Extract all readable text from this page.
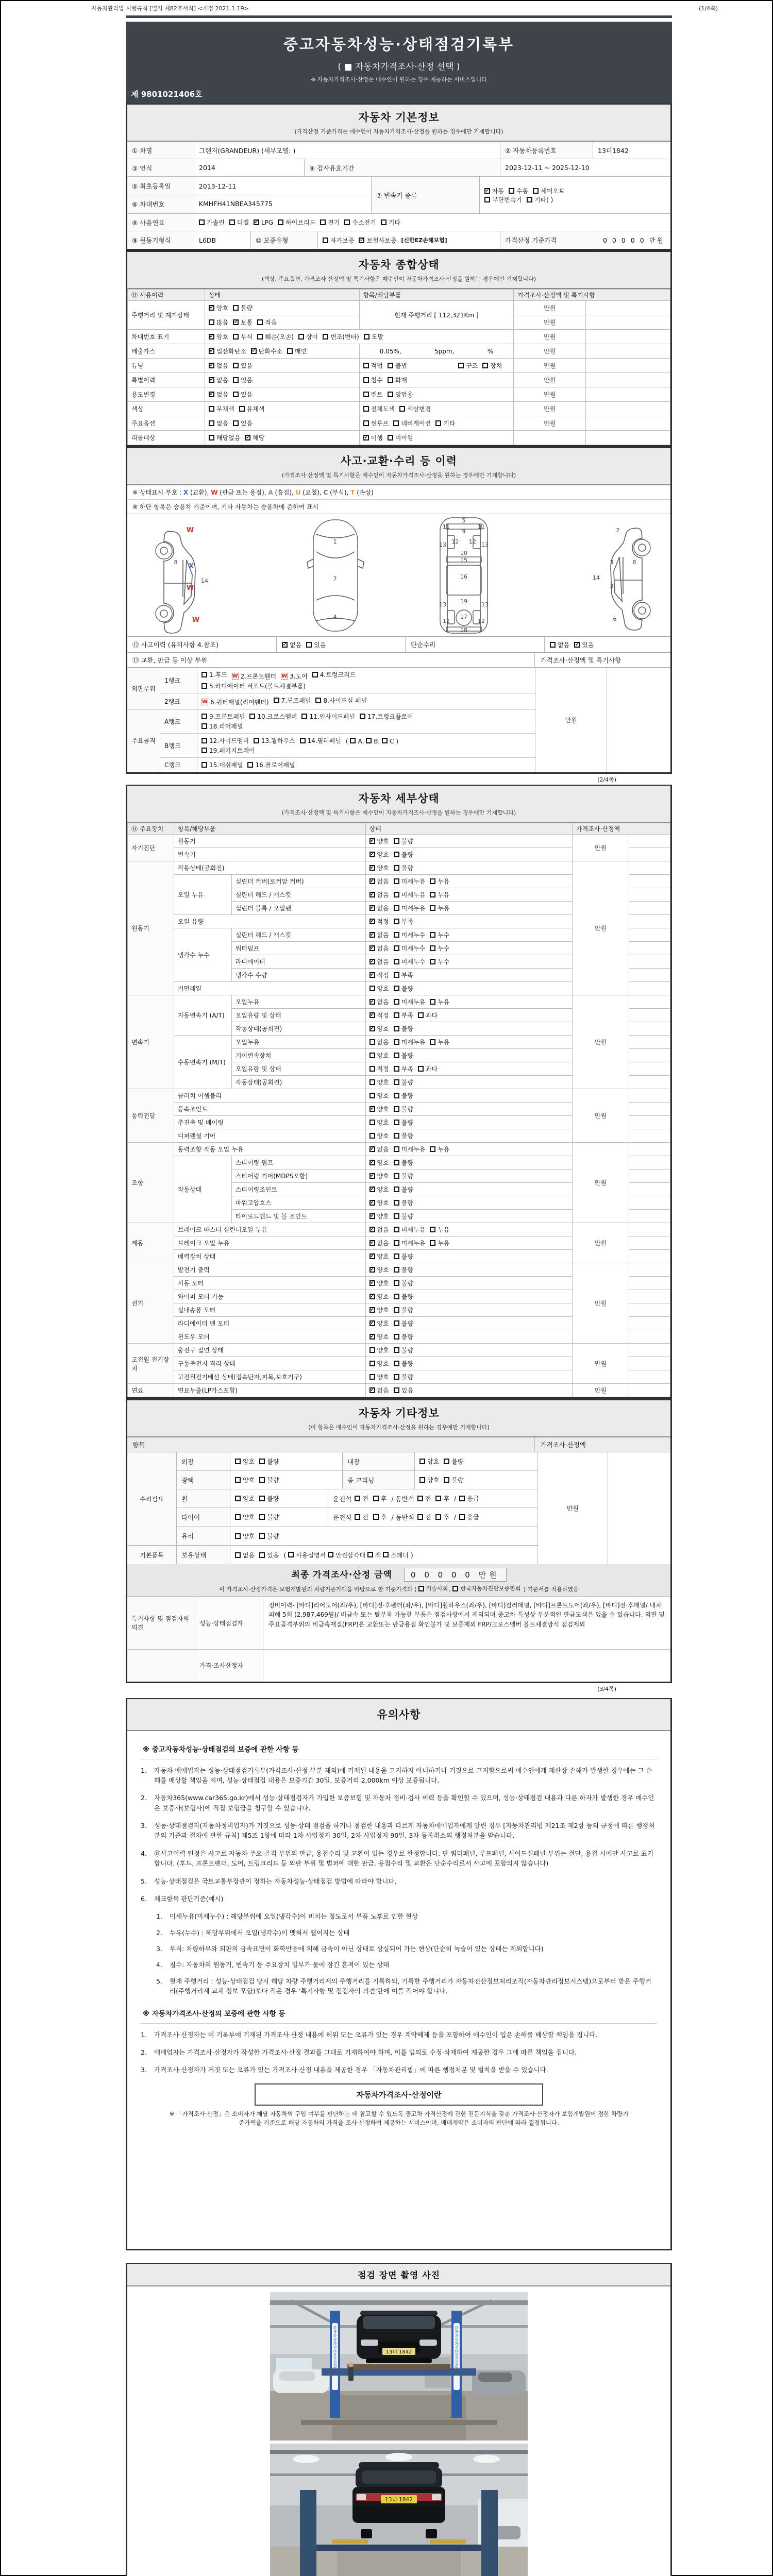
자동차관리법 시행규칙 [별지 제82호서식] <개정 2021.1.19>	(1/4쪽)
중고자동차성능·상태점검기록부
( ■ 자동차가격조사·산정 선택 )
※ 자동차가격조사·산정은 매수인이 원하는 경우 제공하는 서비스입니다
제 9801021406호
자동차 기본정보
(가격산정 기준가격은 매수인이 자동차가격조사·산정을 원하는 경우에만 기재합니다)
① 차명	그랜저(GRANDEUR) (세부모델: )	② 자동차등록번호	13더1842
③ 연식	2014	④ 검사유효기간	2023-12-11 ~ 2025-12-10
⑤ 최초등록일	2013-12-11
⑥ 차대번호	KMHFH41NBEA345775
⑦ 변속기 종류
✓
자동 수동 세미오토
무단변속기 기타( )
⑧ 사용연료	가솔린 디젤 ✓ LPG 하이브리드 전기 수소전기 기타
⑨ 원동기형식	L6DB	⑩ 보증유형	자가보증 ✓ 보험사보증 [신한EZ손해보험]	가격산정 기준가격	0 0 0 0 0 만원
자동차 종합상태
(색상, 주요옵션, 가격조사·산정액 및 특기사항은 매수인이 자동차가격조사·산정을 원하는 경우에만 기재합니다)
⑪ 사용이력	상태	항목/해당부품	가격조사·산정액 및 특기사항	
주행거리 및 계기상태	
✓
양호 불량	현재 주행거리 [ 112,321Km ]	만원	

	많음 ✓ 보통 적음		만원	
차대번호 표기	
✓양호 부식 훼손(오손) 상이 변조(변타) 도말	만원	
배출가스	
✓일산화탄소 ✓ 탄화수소 매연	0.05%, 5ppm, %	만원	
튜닝	
✓없음 있음	적법 불법 구조 장치	만원	
특별이력	
✓없음 있음	침수 화재	만원	
용도변경	
✓없음 있음	렌트 영업용	만원	
색상	무채색 유채색	전체도색 색상변경	만원	
주요옵션	없음 있음	썬루프 네비게이션 기타	만원	
리콜대상	해당없음 ✓ 해당

✓이행 미이행

사고·교환·수리 등 이력
(가격조사·산정액 및 특기사항은 매수인이 자동차가격조사·산정을 원하는 경우에만 기재합니다)
※ 상태표시 부호 : X (교환), W (판금 또는 용접), A (흠집), U (요철), C (부식), T (손상)
※ 하단 항목은 승용차 기준이며, 기타 자동차는 승용차에 준하여 표시
W
8
X
14
W
W
1
7
4
5
9
11	11
13	13
12 12
10
15
16
19
13	13
17
12	12
18
2
3	8
14
3
6
⑫ 사고이력 (유의사항 4.참조) ✓	없음 있음	단순수리	없음 ✓ 있음
⑬ 교환, 판금 등 이상 부위	가격조사·산정액 및 특기사항
외판부위
1랭크
1.후드 W 2.프론트휀더 W 3.도어 4.트렁크리드
5.라디에이터 서포트(볼트체결부품)
2랭크	W 6.쿼터패널(리어휀더) 7.루프패널 8.사이드실 패널
주요골격
A랭크
9.프론트패널 10.크로스멤버 11.인사이드패널 17.트렁크플로어
18.리어패널
B랭크
12.사이드멤버 13.휠하우스 14.필러패널 ( A, B, C )
19.패키지트레이
C랭크	15.대쉬패널 16.플로어패널
만원
(2/4쪽)
자동차 세부상태
(가격조사·산정액 및 특기사항은 매수인이 자동차가격조사·산정을 원하는 경우에만 기재합니다)
⑭ 주요장치	항목/해당부품		상태	가격조사·산정액	
자기진단	원동기	
✓양호 불량	만원	
	변속기	
✓양호 불량

원동기	작동상태(공회전)	
✓양호 불량	만원	
	오일 누유	실린더 커버(로커암 커버)	
✓없음 미세누유 누유

		실린더 헤드 / 개스킷	
✓없음 미세누유 누유

		실린더 블록 / 오일팬	
✓없음 미세누유 누유

	오일 유량	
✓적정 부족

	냉각수 누수	실린더 헤드 / 개스킷	
✓없음 미세누수 누수

		워터펌프	
✓없음 미세누수 누수

		라디에이터	
✓없음 미세누수 누수

		냉각수 수량	
✓적정 부족

	커먼레일		양호 불량		

변속기	자동변속기 (A/T)	오일누유	
✓없음 미세누유 누유	만원	
		오일유량 및 상태	
✓적정 부족 과다

		작동상태(공회전)	
✓양호 불량

	수동변속기 (M/T)	오일누유	없음 미세누유 누유		

		기어변속장치	양호 불량		

		오일유량 및 상태	적정 부족 과다		

		작동상태(공회전)	양호 불량		

동력전달	클러치 어셈블리		양호 불량	만원	
	등속조인트	
✓양호 불량

	추진축 및 베어링		양호 불량		

	디퍼렌셜 기어		양호 불량		

조향	동력조향 작동 오일 누유	
✓없음 미세누유 누유	만원	
	작동상태	스티어링 펌프	
✓양호 불량

		스티어링 기어(MDPS포함)	
✓양호 불량

		스티어링조인트	
✓양호 불량

		파워고압호스	
✓양호 불량

		타이로드엔드 및 볼 조인트	
✓양호 불량

제동	브레이크 마스터 실린더오일 누유	
✓없음 미세누유 누유	만원	
	브레이크 오일 누유	
✓없음 미세누유 누유

	배력장치 상태	
✓양호 불량

전기	발전기 출력	
✓양호 불량	만원	
	시동 모터	
✓양호 불량

	와이퍼 모터 기능	
✓양호 불량

	실내송풍 모터	
✓양호 불량

	라디에이터 팬 모터	
✓양호 불량

	윈도우 모터	
✓양호 불량

고전원 전기장치	충전구 절연 상태		양호 불량	만원	
	구동축전지 격리 상태		양호 불량		

	고전원전기배선 상태(접속단자,피복,보호기구)		양호 불량		

연료	연료누출(LP가스포함)	
✓없음 있음	만원	
자동차 기타정보
(이 항목은 매수인이 자동차가격조사·산정을 원하는 경우에만 기재합니다)
항목	가격조사·산정액
수리필요
외장	양호 불량	내장	양호 불량
광택	양호 불량	룸 크리닝	양호 불량
휠	양호 불량	운전석 전 후 / 동반석 전 후 / 응급
타이어	양호 불량	운전석 전 후 / 동반석 전 후 / 응급
유리	양호 불량
기본품목	보유상태	없음 있음 ( 사용설명서 안전삼각대 잭 스패너 )
만원
최종 가격조사·산정 금액 0 0 0 0 0 만원
이 가격조사·산정가격은 보험개발원의 차량기준가액을 바탕으로 한 기준가격과 ( 기술사회 , 한국자동차진단보증협회 ) 기준서를 적용하였음
특기사항 및 점검자의 의견
성능·상태점검자
정비이력- [바디]리어도어(좌/우), [바디]전·후펜더(좌/우), [바디]휠하우스(좌/우), [바디]필러패널, [바디]프론트도어(좌/우), [바디]전·후패널/ 내차피해 5회 (2,987,469원)/ 비금속 또는 탈부착 가능한 부품은 점검사항에서 제외되며 중고차 특성상 부분적인 판금도색은 있을 수 있습니다. 외판 및 주요골격부위의 비금속재질(FRP)은 교환또는 판금용접 확인불가 및 보증제외 FRP/크로스멤버 볼트체결방식 점검제외
가격·조사산정자
(3/4쪽)
유의사항
※ 중고자동차성능·상태점검의 보증에 관한 사항 등
1.	자동차 매매업자는 성능·상태점검기록부(가격조사·산정 부분 제외)에 기재된 내용을 고지하지 아니하거나 거짓으로 고지함으로써 매수인에게 재산상 손해가 발생한 경우에는 그 손해를 배상할 책임을 지며, 성능·상태점검 내용은 보증기간 30일, 보증거리 2,000km 이상 보증됩니다.
2.	자동차365(www.car365.go.kr)에서 성능·상태점검자가 가입한 보증보험 및 자동차 정비·검사 이력 등을 확인할 수 있으며, 성능·상태점검 내용과 다른 하자가 발생한 경우 매수인은 보증사(보험사)에 직접 보험금을 청구할 수 있습니다.
3.	성능·상태점검자(자동차정비업자)가 거짓으로 성능·상태 점검을 하거나 점검한 내용과 다르게 자동차매매업자에게 알린 경우 [자동차관리법 제21조 제2항 등의 규정에 따른 행정처분의 기준과 절차에 관한 규칙] 제5조 1항에 따라 1차 사업정지 30일, 2차 사업정지 90일, 3차 등록취소의 행정처분을 받습니다.
4.	⑫사고이력 인정은 사고로 자동차 주요 골격 부위의 판금, 용접수리 및 교환이 있는 경우로 한정합니다. 단 쿼터패널, 루프패널, 사이드실패널 부위는 절단, 용접 시에만 사고로 표기합니다. (후드, 프론트펜더, 도어, 트렁크리드 등 외판 부위 및 범퍼에 대한 판금, 용접수리 및 교환은 단순수리로서 사고에 포함되지 않습니다)
5.	성능·상태점검은 국토교통부장관이 정하는 자동차성능·상태점검 방법에 따라야 합니다.
6.	체크항목 판단기준(예시)
1.	미세누유(미세누수) : 해당부위에 오일(냉각수)이 비치는 정도로서 부품 노후로 인한 현상
2.	누유(누수) : 해당부위에서 오일(냉각수)이 맺혀서 떨어지는 상태
3.	부식: 차량하부와 외판의 금속표면이 화학반응에 의해 금속이 아닌 상태로 상실되어 가는 현상(단순히 녹슬어 있는 상태는 제외합니다)
4.	침수: 자동차의 원동기, 변속기 등 주요장치 일부가 물에 잠긴 흔적이 있는 상태
5.	현재 주행거리 : 성능·상태점검 당시 해당 차량 주행거리계의 주행거리를 기록하되, 기록한 주행거리가 자동차전산정보처리조직(자동차관리정보시스템)으로부터 받은 주행거리(주행거리계 교체 정보 포함)보다 적은 경우 '특기사항 및 점검자의 의견'란에 이를 적어야 합니다.
※ 자동차가격조사·산정의 보증에 관한 사항 등
1.	가격조사·산정자는 이 기록부에 기재된 가격조사·산정 내용에 허위 또는 오류가 있는 경우 계약해제 등을 포함하여 매수인이 입은 손해를 배상할 책임을 집니다.
2.	매매업자는 가격조사·산정자가 작성한 가격조사·산정 결과를 그대로 기재하여야 하며, 이를 임의로 수정·삭제하여 제공한 경우 그에 따른 책임을 집니다.
3.	가격조사·산정자가 거짓 또는 오류가 있는 가격조사·산정 내용을 제공한 경우 「자동차관리법」에 따른 행정처분 및 벌칙을 받을 수 있습니다.
자동차가격조사·산정이란
※ 「가격조사·산정」은 소비자가 해당 자동차의 구입 여부를 판단하는 데 참고할 수 있도록 중고차 가격산정에 관한 전문지식을 갖춘 가격조사·산정자가 보험개발원이 정한 차량기준가액을 기준으로 해당 자동차의 가격을 조사·산정하여 제공하는 서비스이며, 매매계약은 소비자의 판단에 따라 결정됩니다.
점검 장면 촬영 사진
한국자동차진단보증협회	한국자동차진단보증협회
13더 1842
13더 1842
